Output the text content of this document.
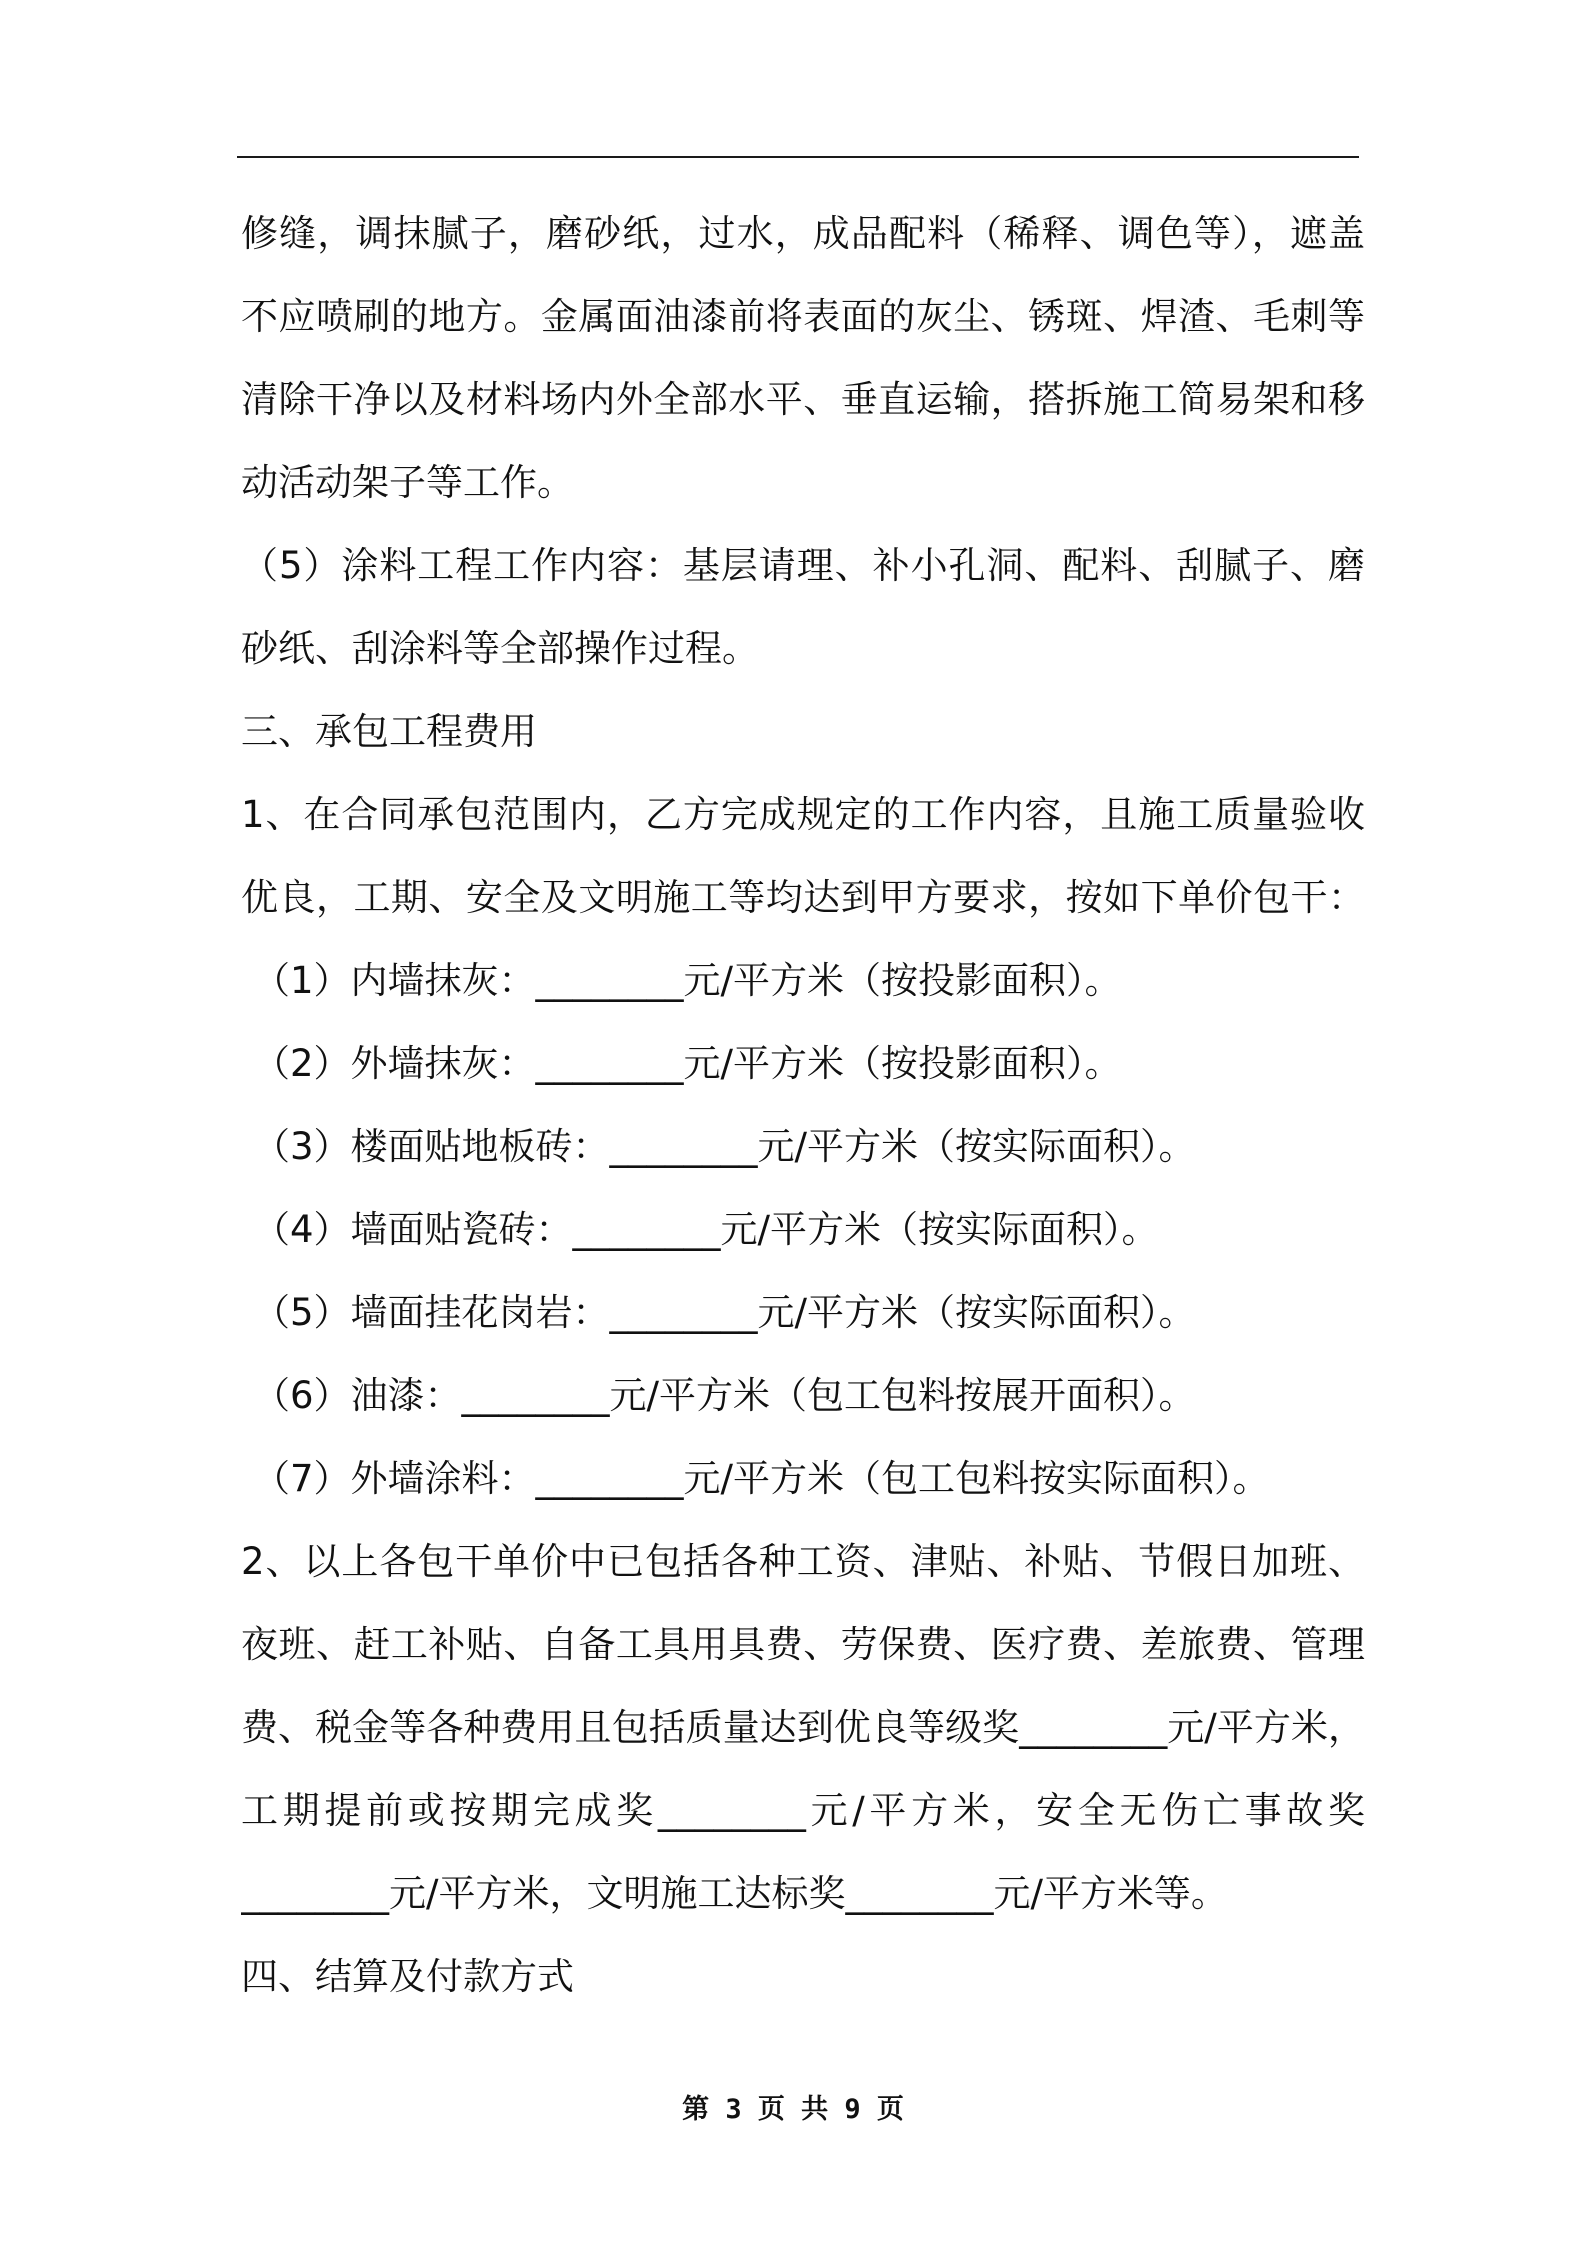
修缝，调抹腻子，磨砂纸，过水，成品配料（稀释、调色等），遮盖

不应喷刷的地方。金属面油漆前将表面的灰尘、锈斑、焊渣、毛刺等

清除干净以及材料场内外全部水平、垂直运输，搭拆施工简易架和移

动活动架子等工作。

（5）涂料工程工作内容：基层请理、补小孔洞、配料、刮腻子、磨

砂纸、刮涂料等全部操作过程。

三、承包工程费用

1、在合同承包范围内，乙方完成规定的工作内容，且施工质量验收

优良，工期、安全及文明施工等均达到甲方要求，按如下单价包干：

（1）内墙抹灰：________元/平方米（按投影面积）。

（2）外墙抹灰：________元/平方米（按投影面积）。

（3）楼面贴地板砖：________元/平方米（按实际面积）。

（4）墙面贴瓷砖：________元/平方米（按实际面积）。

（5）墙面挂花岗岩：________元/平方米（按实际面积）。

（6）油漆：________元/平方米（包工包料按展开面积）。

（7）外墙涂料：________元/平方米（包工包料按实际面积）。

2、以上各包干单价中已包括各种工资、津贴、补贴、节假日加班、

夜班、赶工补贴、自备工具用具费、劳保费、医疗费、差旅费、管理

费、税金等各种费用且包括质量达到优良等级奖________元/平方米，

工期提前或按期完成奖________元/平方米，安全无伤亡事故奖

________元/平方米，文明施工达标奖________元/平方米等。

四、结算及付款方式

第 3 页 共 9 页
